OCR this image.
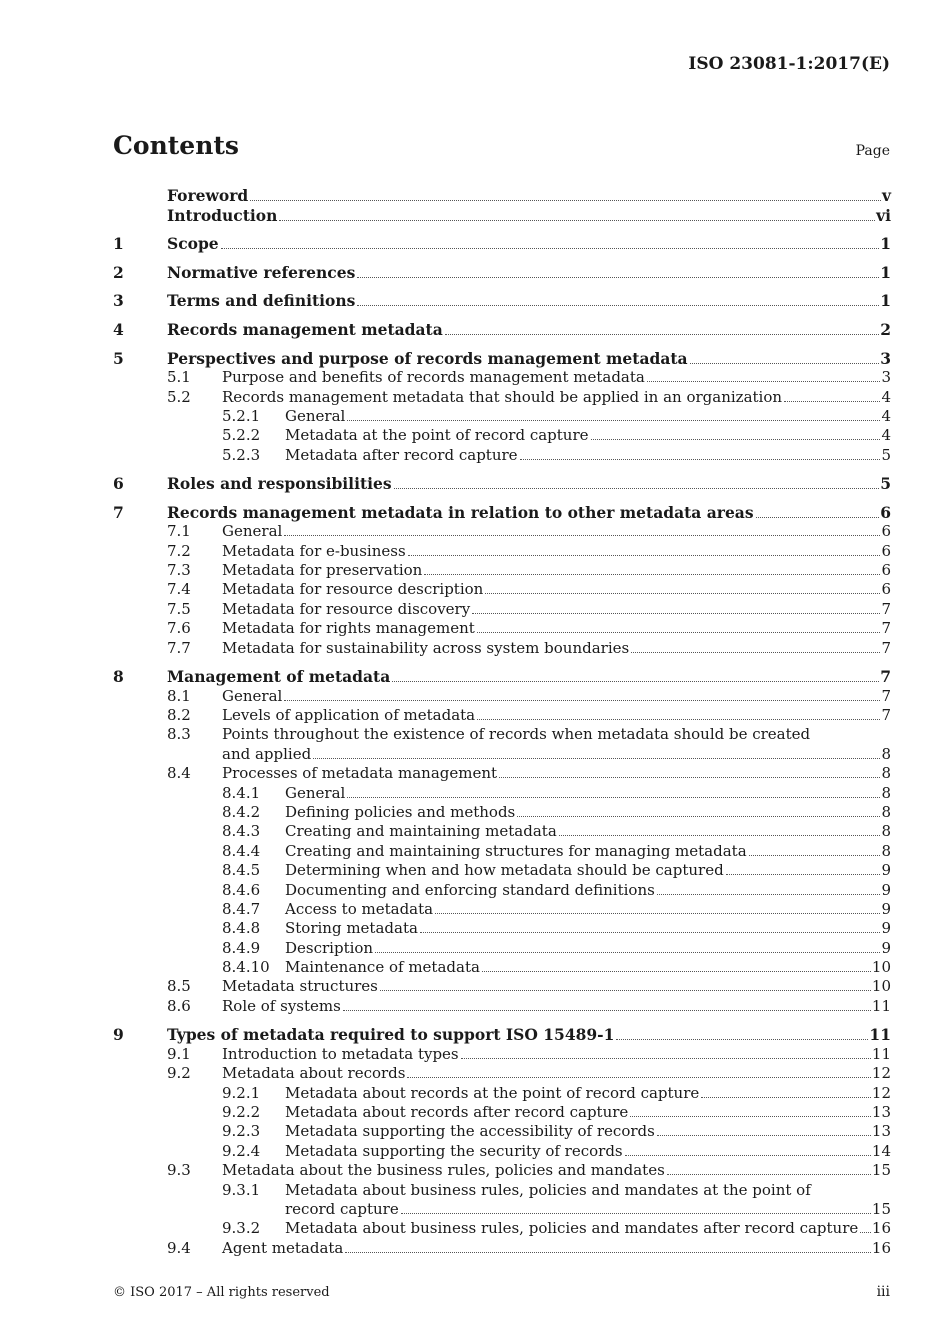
ISO 23081-1:2017(E)
Contents	Page
Foreword	v
Introduction	vi
1	Scope	1
2	Normative references	1
3	Terms and definitions	1
4	Records management metadata	2
5	Perspectives and purpose of records management metadata	3
5.1	Purpose and benefits of records management metadata	3
5.2	Records management metadata that should be applied in an organization	4
5.2.1	General	4
5.2.2	Metadata at the point of record capture	4
5.2.3	Metadata after record capture	5
6	Roles and responsibilities	5
7	Records management metadata in relation to other metadata areas	6
7.1	General	6
7.2	Metadata for e-business	6
7.3	Metadata for preservation	6
7.4	Metadata for resource description	6
7.5	Metadata for resource discovery	7
7.6	Metadata for rights management	7
7.7	Metadata for sustainability across system boundaries	7
8	Management of metadata	7
8.1	General	7
8.2	Levels of application of metadata	7
8.3	Points throughout the existence of records when metadata should be created
and applied	8
8.4	Processes of metadata management	8
8.4.1	General	8
8.4.2	Defining policies and methods	8
8.4.3	Creating and maintaining metadata	8
8.4.4	Creating and maintaining structures for managing metadata	8
8.4.5	Determining when and how metadata should be captured	9
8.4.6	Documenting and enforcing standard definitions	9
8.4.7	Access to metadata	9
8.4.8	Storing metadata	9
8.4.9	Description	9
8.4.10	Maintenance of metadata	10
8.5	Metadata structures	10
8.6	Role of systems	11
9	Types of metadata required to support ISO 15489-1	11
9.1	Introduction to metadata types	11
9.2	Metadata about records	12
9.2.1	Metadata about records at the point of record capture	12
9.2.2	Metadata about records after record capture	13
9.2.3	Metadata supporting the accessibility of records	13
9.2.4	Metadata supporting the security of records	14
9.3	Metadata about the business rules, policies and mandates	15
9.3.1	Metadata about business rules, policies and mandates at the point of
record capture	15
9.3.2	Metadata about business rules, policies and mandates after record capture 16
9.4	Agent metadata	16
© ISO 2017 – All rights reserved	iii
